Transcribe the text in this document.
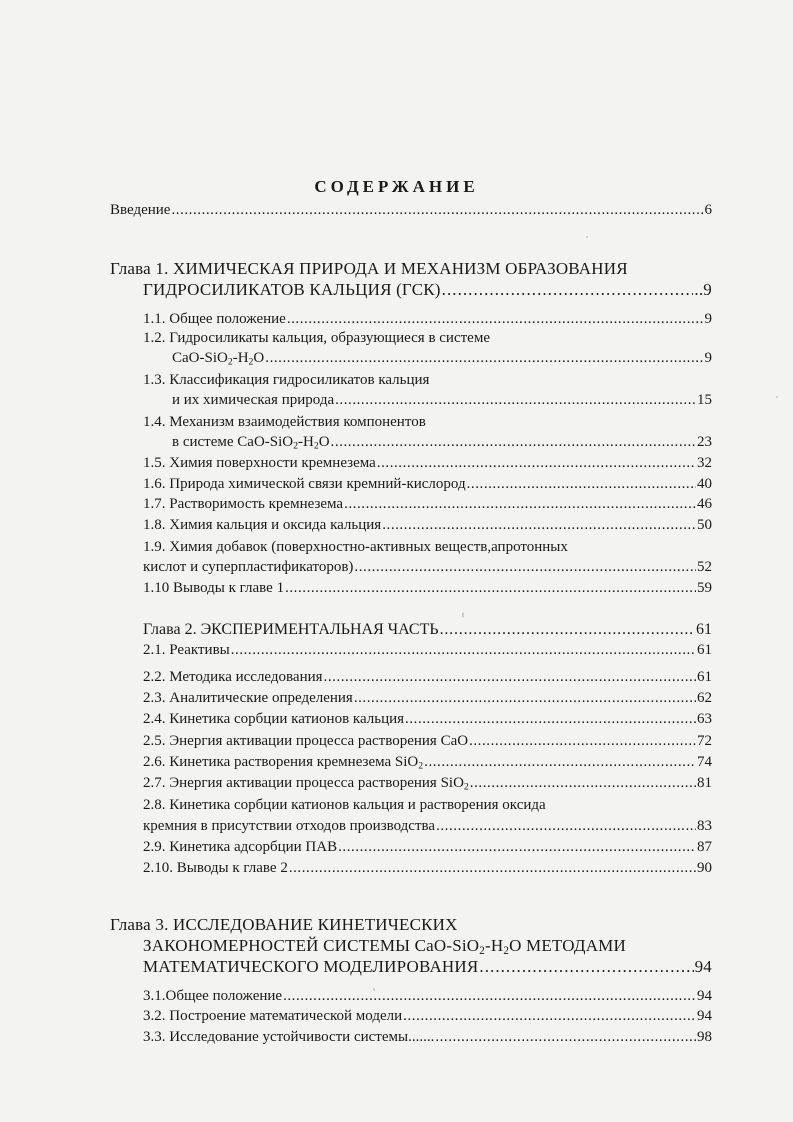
СОДЕРЖАНИЕ
Введение . . .	6
Глава 1. ХИМИЧЕСКАЯ ПРИРОДА И МЕХАНИЗМ ОБРАЗОВАНИЯ
ГИДРОСИЛИКАТОВ КАЛЬЦИЯ (ГСК) . . .	..9
1.1. Общее положение . . .	9
1.2. Гидросиликаты кальция, образующиеся в системе
CaO-$SiO_2-H_2O$ . . .	9
1.3. Классификация гидросиликатов кальция
и их химическая природа . . .	15
1.4. Механизм взаимодействия компонентов
в системе CaO-$SiO_2-H_2O$ . . .	23
1.5. Химия поверхности кремнезема . . .	32
1.6. Природа химической связи кремний-кислород . . .	40
1.7. Растворимость кремнезема . . .	46
1.8. Химия кальция и оксида кальция . . .	50
1.9. Химия добавок (поверхностно-активных веществ,апротонных
кислот и суперпластификаторов) . . .	52
1.10 Выводы к главе 1 . . .	59
Глава 2. ЭКСПЕРИМЕНТАЛЬНАЯ ЧАСТЬ . . .	61
2.1. Реактивы . . .	61
2.2. Методика исследования . . .	61
2.3. Аналитические определения . . .	62
2.4. Кинетика сорбции катионов кальция . . .	63
2.5. Энергия активации процесса растворения CaO . . .	72
2.6. Кинетика растворения кремнезема SiO$_2$ . . .	74
2.7. Энергия активации процесса растворения SiO$_2$ . . .	81
2.8. Кинетика сорбции катионов кальция и растворения оксида
кремния в присутствии отходов производства . . .	83
2.9. Кинетика адсорбции ПАВ . . .	87
2.10. Выводы к главе 2 . . .	90
Глава 3. ИССЛЕДОВАНИЕ КИНЕТИЧЕСКИХ
ЗАКОНОМЕРНОСТЕЙ СИСТЕМЫ CaO-$SiO_2-H_2O$ МЕТОДАМИ
МАТЕМАТИЧЕСКОГО МОДЕЛИРОВАНИЯ . . .	94
3.1.Общее положение . . .	94
3.2. Построение математической модели . . .	94
3.3. Исследование устойчивости системы....... . . .	98
